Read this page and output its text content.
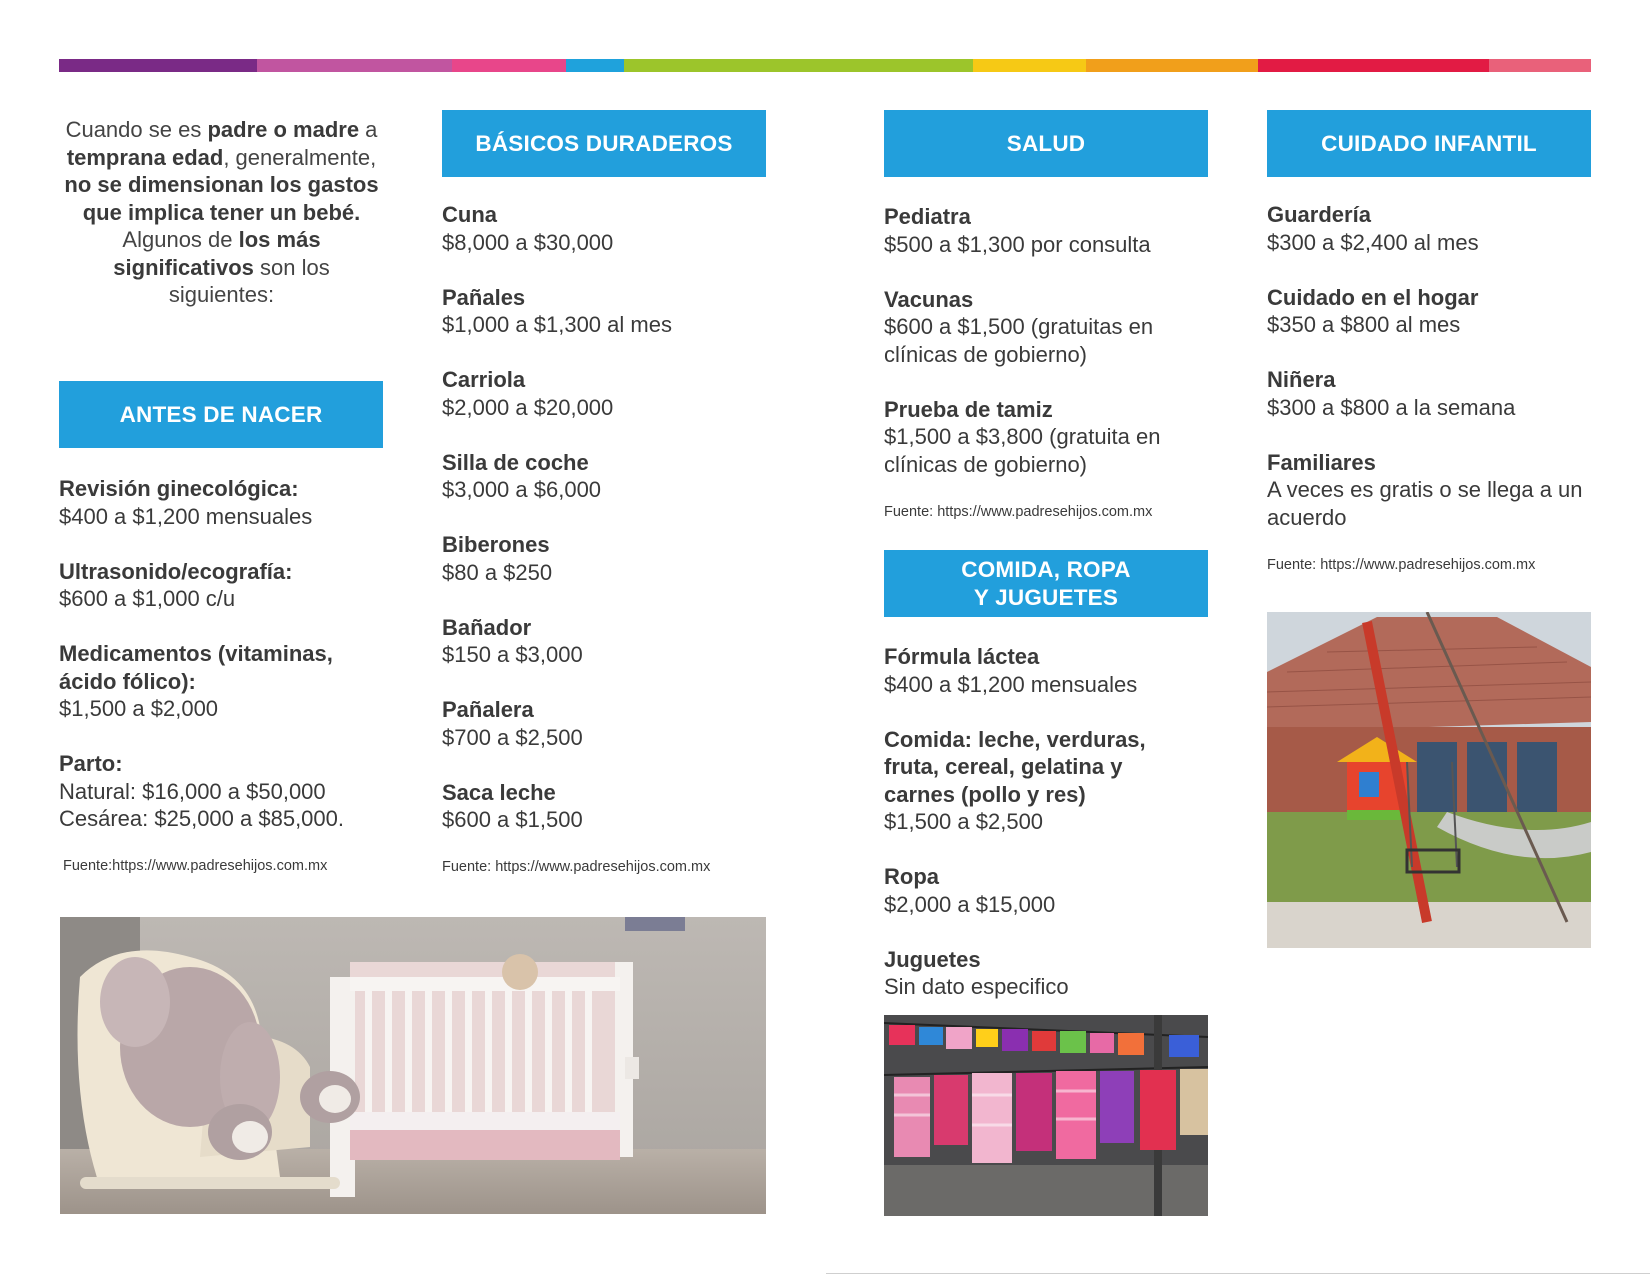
Cuando se es padre o madre a temprana edad, generalmente, no se dimensionan los gastos que implica tener un bebé. Algunos de los más significativos son los siguientes:
ANTES DE NACER
Revisión ginecológica:
$400 a $1,200 mensuales
Ultrasonido/ecografía:
$600 a $1,000 c/u
Medicamentos (vitaminas, ácido fólico):
$1,500 a $2,000
Parto:
Natural: $16,000 a $50,000
Cesárea: $25,000 a $85,000.
Fuente:https://www.padresehijos.com.mx
BÁSICOS DURADEROS
Cuna
$8,000 a $30,000
Pañales
$1,000 a $1,300 al mes
Carriola
$2,000 a $20,000
Silla de coche
$3,000 a $6,000
Biberones
$80 a $250
Bañador
$150 a $3,000
Pañalera
$700 a $2,500
Saca leche
$600 a $1,500
Fuente: https://www.padresehijos.com.mx
SALUD
Pediatra
$500 a $1,300 por consulta
Vacunas
$600 a $1,500 (gratuitas en clínicas de gobierno)
Prueba de tamiz
$1,500 a $3,800 (gratuita en clínicas de gobierno)
Fuente: https://www.padresehijos.com.mx
COMIDA, ROPA
Y JUGUETES
Fórmula láctea
$400 a $1,200 mensuales
Comida: leche, verduras, fruta, cereal, gelatina y carnes (pollo y res)
$1,500 a $2,500
Ropa
$2,000 a $15,000
Juguetes
Sin dato especifico
CUIDADO INFANTIL
Guardería
$300 a $2,400 al mes
Cuidado en el hogar
$350 a $800 al mes
Niñera
$300 a $800 a la semana
Familiares
A veces es gratis o se llega a un acuerdo
Fuente: https://www.padresehijos.com.mx
